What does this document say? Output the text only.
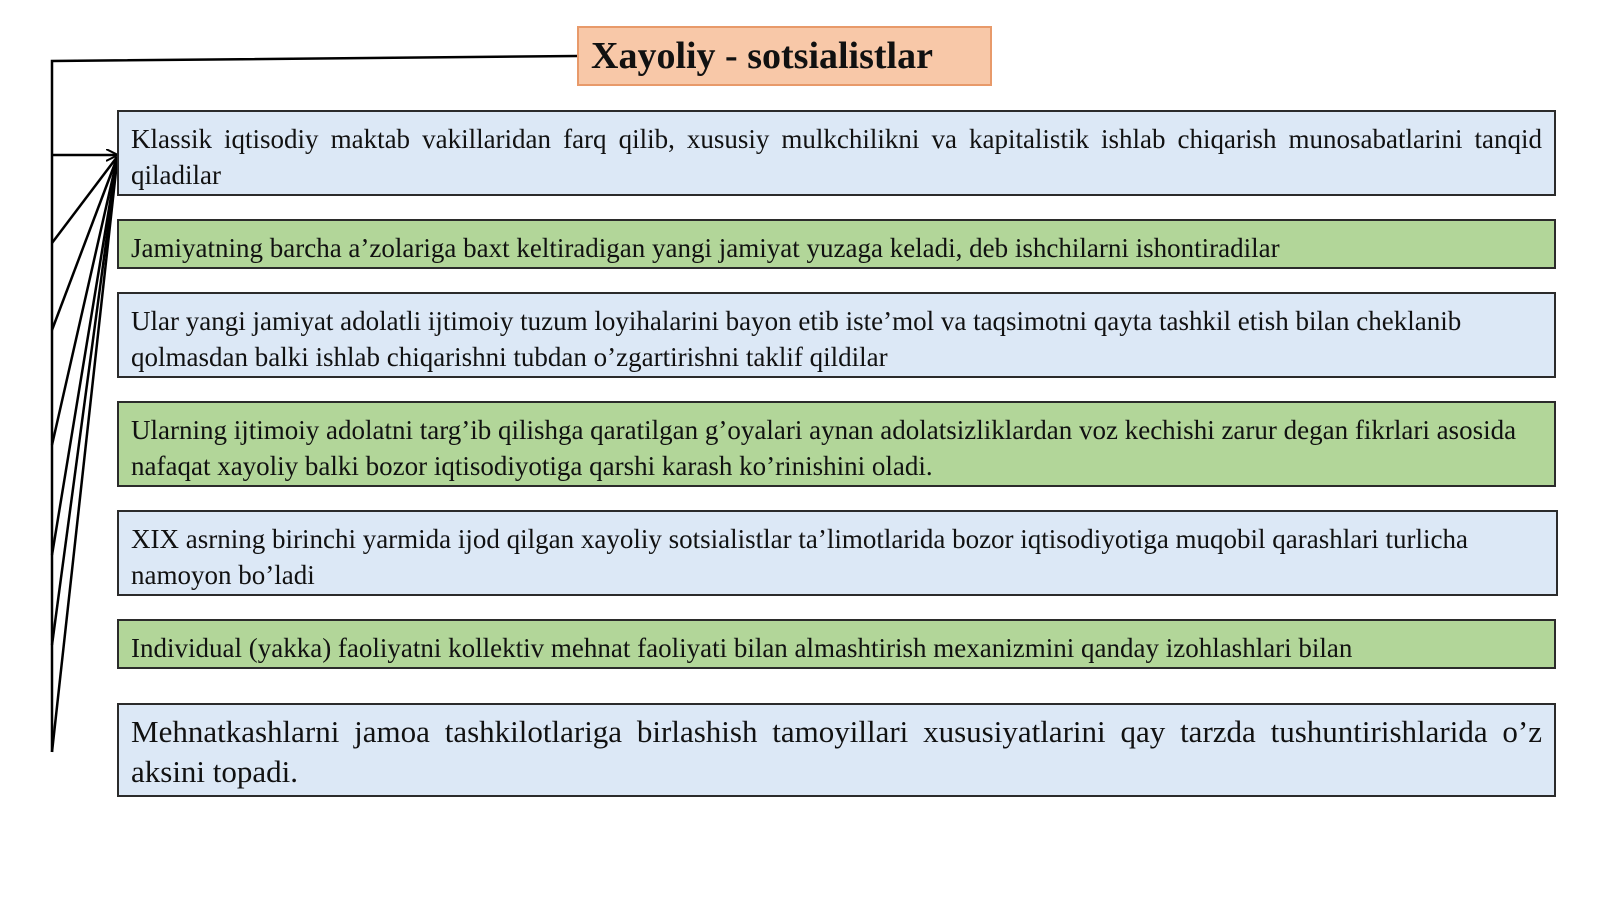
Xayoliy - sotsialistlar
Klassik iqtisodiy maktab vakillaridan farq qilib, xususiy mulkchilikni va kapitalistik ishlab chiqarish munosabatlarini tanqid qiladilar
Jamiyatning barcha a’zolariga baxt keltiradigan yangi jamiyat yuzaga keladi, deb ishchilarni ishontiradilar
Ular yangi jamiyat adolatli ijtimoiy tuzum loyihalarini bayon etib iste’mol va taqsimotni qayta tashkil etish bilan cheklanib qolmasdan balki ishlab chiqarishni tubdan o’zgartirishni taklif qildilar
Ularning ijtimoiy adolatni targ’ib qilishga qaratilgan g’oyalari aynan adolatsizliklardan voz kechishi zarur degan fikrlari asosida nafaqat xayoliy balki bozor iqtisodiyotiga qarshi karash ko’rinishini oladi.
XIX asrning birinchi yarmida ijod qilgan xayoliy sotsialistlar ta’limotlarida bozor iqtisodiyotiga muqobil qarashlari turlicha namoyon bo’ladi
Individual (yakka) faoliyatni kollektiv mehnat faoliyati bilan almashtirish mexanizmini qanday izohlashlari bilan
Mehnatkashlarni jamoa tashkilotlariga birlashish tamoyillari xususiyatlarini qay tarzda tushuntirishlarida o’z aksini topadi.
